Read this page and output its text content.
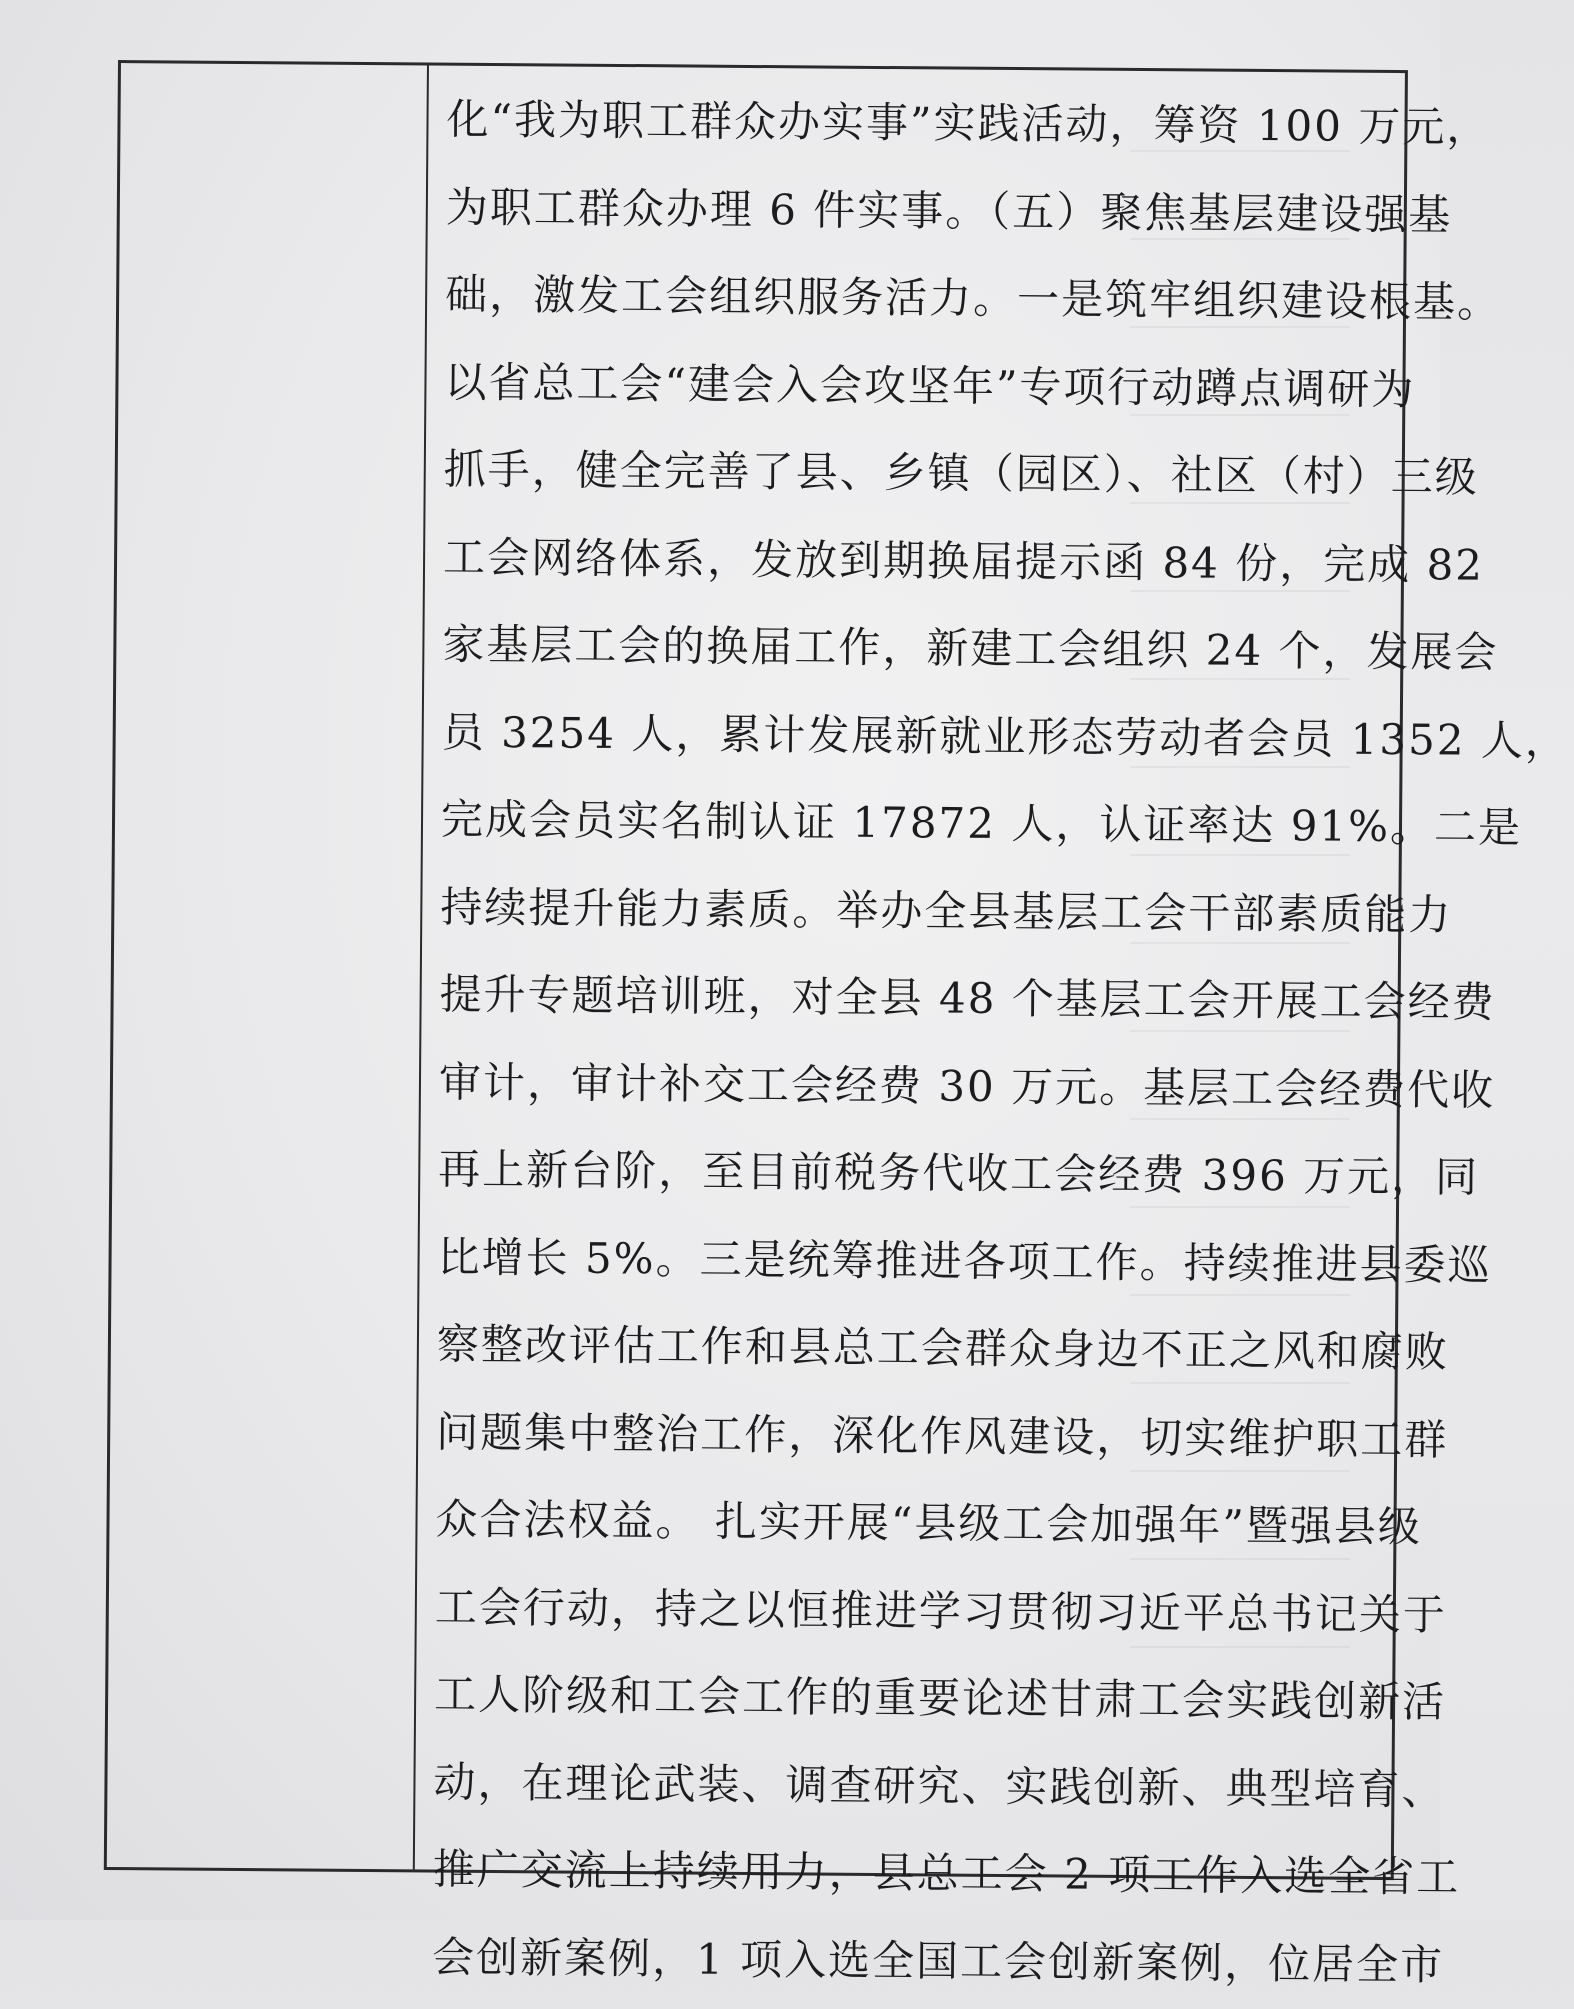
化“我为职工群众办实事”实践活动，筹资 100 万元，
为职工群众办理 6 件实事。（五）聚焦基层建设强基
础，激发工会组织服务活力。一是筑牢组织建设根基。
以省总工会“建会入会攻坚年”专项行动蹲点调研为
抓手，健全完善了县、乡镇（园区）、社区（村）三级
工会网络体系，发放到期换届提示函 84 份，完成 82
家基层工会的换届工作，新建工会组织 24 个，发展会
员 3254 人，累计发展新就业形态劳动者会员 1352 人，
完成会员实名制认证 17872 人，认证率达 91%。二是
持续提升能力素质。举办全县基层工会干部素质能力
提升专题培训班，对全县 48 个基层工会开展工会经费
审计，审计补交工会经费 30 万元。基层工会经费代收
再上新台阶，至目前税务代收工会经费 396 万元，同
比增长 5%。三是统筹推进各项工作。持续推进县委巡
察整改评估工作和县总工会群众身边不正之风和腐败
问题集中整治工作，深化作风建设，切实维护职工群
众合法权益。 扎实开展“县级工会加强年”暨强县级
工会行动，持之以恒推进学习贯彻习近平总书记关于
工人阶级和工会工作的重要论述甘肃工会实践创新活
动，在理论武装、调查研究、实践创新、典型培育、
推广交流上持续用力，县总工会 2 项工作入选全省工
会创新案例，1 项入选全国工会创新案例，位居全市
